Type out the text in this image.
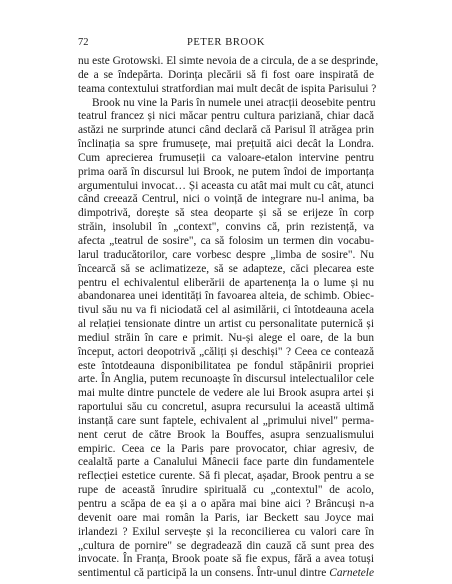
72	PETER BROOK

nu este Grotowski. El simte nevoia de a circula, de a se desprinde,
de a se îndepărta. Dorința plecării să fi fost oare inspirată de
teama contextului stratfordian mai mult decât de ispita Parisului ?

Brook nu vine la Paris în numele unei atracții deosebite pentru
teatrul francez și nici măcar pentru cultura pariziană, chiar dacă
astăzi ne surprinde atunci când declară că Parisul îl atrăgea prin
înclinația sa spre frumusețe, mai prețuită aici decât la Londra.
Cum aprecierea frumuseții ca valoare-etalon intervine pentru
prima oară în discursul lui Brook, ne putem îndoi de importanța
argumentului invocat… Și aceasta cu atât mai mult cu cât, atunci
când creează Centrul, nici o voință de integrare nu-l anima, ba
dimpotrivă, dorește să stea deoparte și să se erijeze în corp
străin, insolubil în „context", convins că, prin rezistență, va
afecta „teatrul de sosire", ca să folosim un termen din vocabu-
larul traducătorilor, care vorbesc despre „limba de sosire". Nu
încearcă să se aclimatizeze, să se adapteze, căci plecarea este
pentru el echivalentul eliberării de apartenența la o lume și nu
abandonarea unei identități în favoarea alteia, de schimb. Obiec-
tivul său nu va fi niciodată cel al asimilării, ci întotdeauna acela
al relației tensionate dintre un artist cu personalitate puternică și
mediul străin în care e primit. Nu-și alege el oare, de la bun
început, actori deopotrivă „căliți și deschiși" ? Ceea ce contează
este întotdeauna disponibilitatea pe fondul stăpânirii propriei
arte. În Anglia, putem recunoaște în discursul intelectualilor cele
mai multe dintre punctele de vedere ale lui Brook asupra artei și
raportului său cu concretul, asupra recursului la această ultimă
instanță care sunt faptele, echivalent al „primului nivel" perma-
nent cerut de către Brook la Bouffes, asupra senzualismului
empiric. Ceea ce la Paris pare provocator, chiar agresiv, de
cealaltă parte a Canalului Mânecii face parte din fundamentele
reflecției estetice curente. Să fi plecat, așadar, Brook pentru a se
rupe de această înrudire spirituală cu „contextul" de acolo,
pentru a scăpa de ea și a o apăra mai bine aici ? Brâncuși n-a
devenit oare mai român la Paris, iar Beckett sau Joyce mai
irlandezi ? Exilul servește și la reconcilierea cu valori care în
„cultura de pornire" se degradează din cauză că sunt prea des
invocate. În Franța, Brook poate să fie expus, fără a avea totuși
sentimentul că participă la un consens. Într-unul dintre Carnetele
